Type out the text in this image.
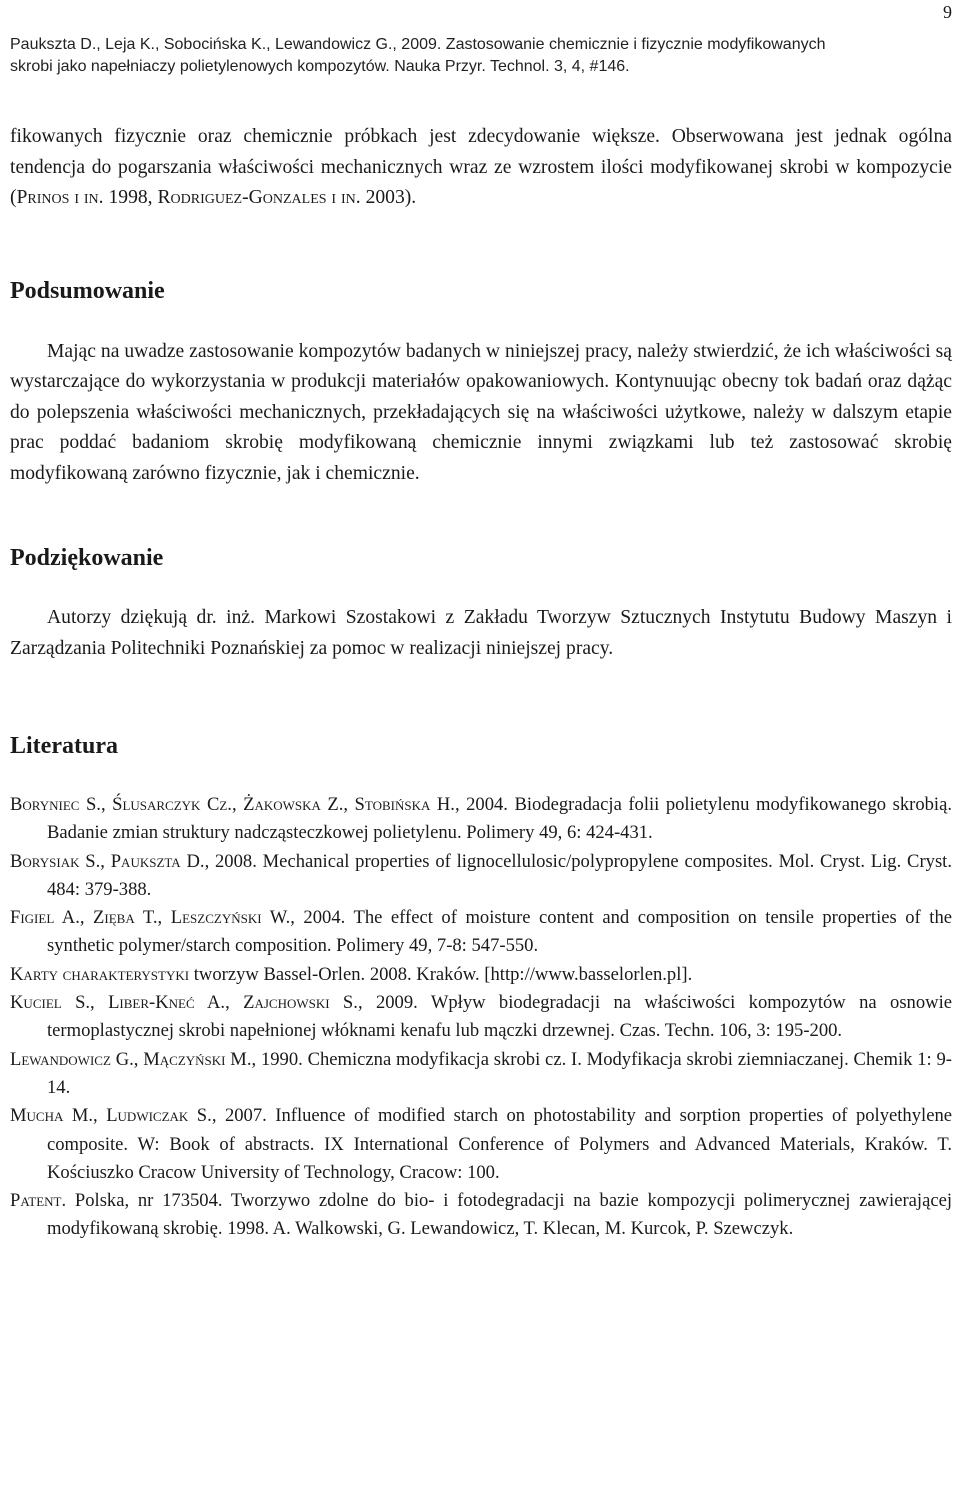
9
Paukszta D., Leja K., Sobocińska K., Lewandowicz G., 2009. Zastosowanie chemicznie i fizycznie modyfikowanych
skrobi jako napełniaczy polietylenowych kompozytów. Nauka Przyr. Technol. 3, 4, #146.

fikowanych fizycznie oraz chemicznie próbkach jest zdecydowanie większe. Obserwowana jest jednak ogólna tendencja do pogarszania właściwości mechanicznych wraz ze wzrostem ilości modyfikowanej skrobi w kompozycie (Prinos i in. 1998, Rodriguez-Gonzales i in. 2003).

Podsumowanie

Mając na uwadze zastosowanie kompozytów badanych w niniejszej pracy, należy stwierdzić, że ich właściwości są wystarczające do wykorzystania w produkcji materiałów opakowaniowych. Kontynuując obecny tok badań oraz dążąc do polepszenia właściwości mechanicznych, przekładających się na właściwości użytkowe, należy w dalszym etapie prac poddać badaniom skrobię modyfikowaną chemicznie innymi związkami lub też zastosować skrobię modyfikowaną zarówno fizycznie, jak i chemicznie.

Podziękowanie

Autorzy dziękują dr. inż. Markowi Szostakowi z Zakładu Tworzyw Sztucznych Instytutu Budowy Maszyn i Zarządzania Politechniki Poznańskiej za pomoc w realizacji niniejszej pracy.

Literatura

Boryniec S., Ślusarczyk Cz., Żakowska Z., Stobińska H., 2004. Biodegradacja folii polietylenu modyfikowanego skrobią. Badanie zmian struktury nadcząsteczkowej polietylenu. Polimery 49, 6: 424-431.

Borysiak S., Paukszta D., 2008. Mechanical properties of lignocellulosic/polypropylene composites. Mol. Cryst. Lig. Cryst. 484: 379-388.

Figiel A., Zięba T., Leszczyński W., 2004. The effect of moisture content and composition on tensile properties of the synthetic polymer/starch composition. Polimery 49, 7-8: 547-550.

Karty charakterystyki tworzyw Bassel-Orlen. 2008. Kraków. [http://www.basselorlen.pl].

Kuciel S., Liber-Kneć A., Zajchowski S., 2009. Wpływ biodegradacji na właściwości kompozytów na osnowie termoplastycznej skrobi napełnionej włóknami kenafu lub mączki drzewnej. Czas. Techn. 106, 3: 195-200.

Lewandowicz G., Mączyński M., 1990. Chemiczna modyfikacja skrobi cz. I. Modyfikacja skrobi ziemniaczanej. Chemik 1: 9-14.

Mucha M., Ludwiczak S., 2007. Influence of modified starch on photostability and sorption properties of polyethylene composite. W: Book of abstracts. IX International Conference of Polymers and Advanced Materials, Kraków. T. Kościuszko Cracow University of Technology, Cracow: 100.

Patent. Polska, nr 173504. Tworzywo zdolne do bio- i fotodegradacji na bazie kompozycji polimerycznej zawierającej modyfikowaną skrobię. 1998. A. Walkowski, G. Lewandowicz, T. Klecan, M. Kurcok, P. Szewczyk.
